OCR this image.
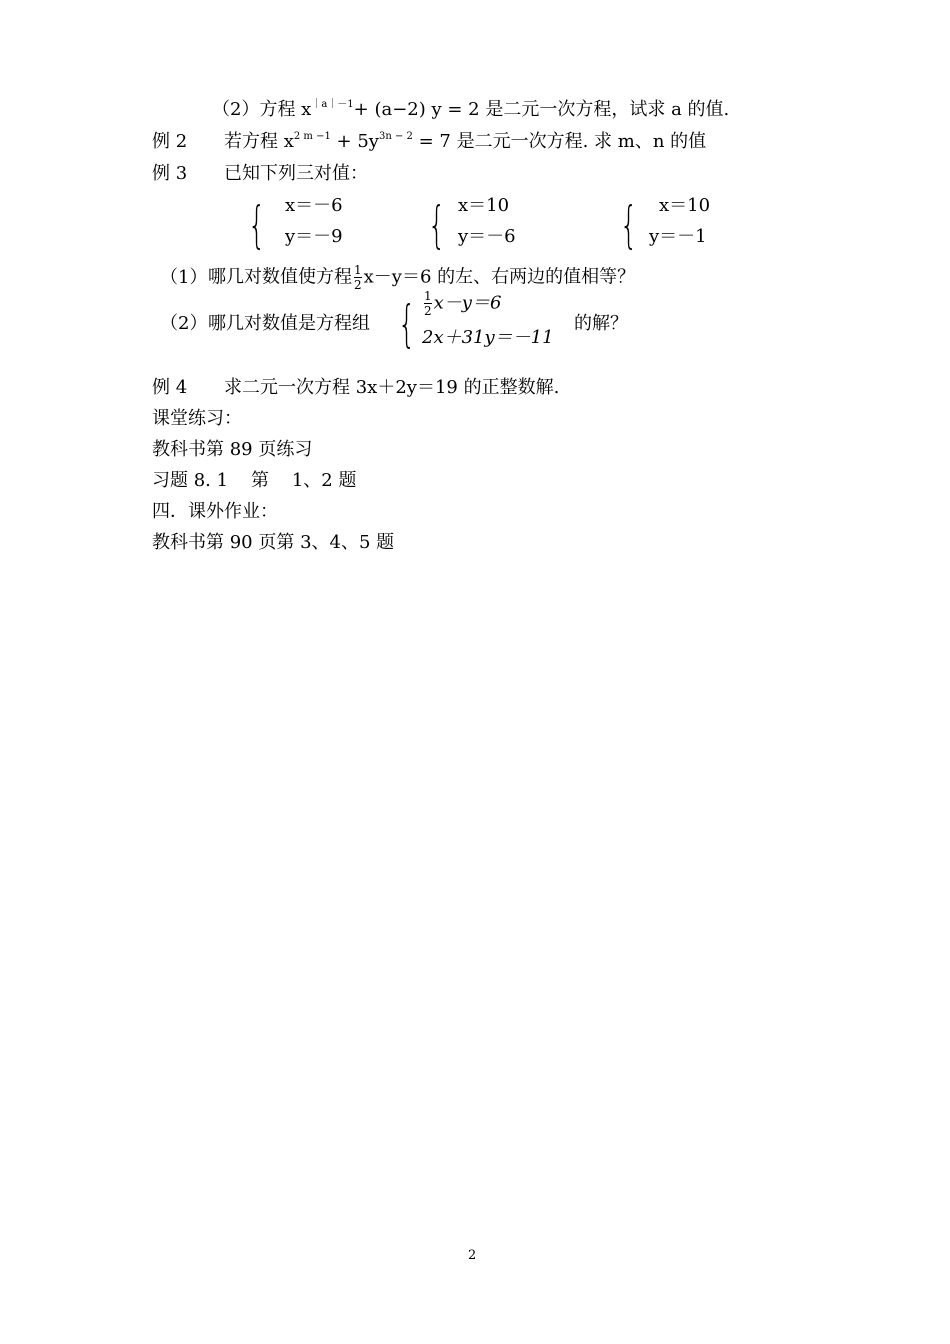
（2）方程 $x^{|a|-1}+ (a-2) y = 2$ 是二元一次方程，试求 a 的值.
例 2 若方程 $x^{2 m -1} + 5y^{3n - 2} = 7$ 是二元一次方程. 求 m、n 的值
例 3 已知下列三对值：
{ x＝－6
y＝－9 { x＝10
y＝－6 { x＝10
y＝－1
（1）哪几对数值使方程 $\frac{1}{2} x-y=6$ 的左、右两边的值相等？
（2）哪几对数值是方程组 { $\frac{1}{2} x-y=6$
2x＋31y＝－11
的解？
例 4 求二元一次方程 3x＋2y＝19 的正整数解.
课堂练习：
教科书第 89 页练习
习题 8. 1    第    1、2 题
四．课外作业：
教科书第 90 页第 3、4、5 题
2
